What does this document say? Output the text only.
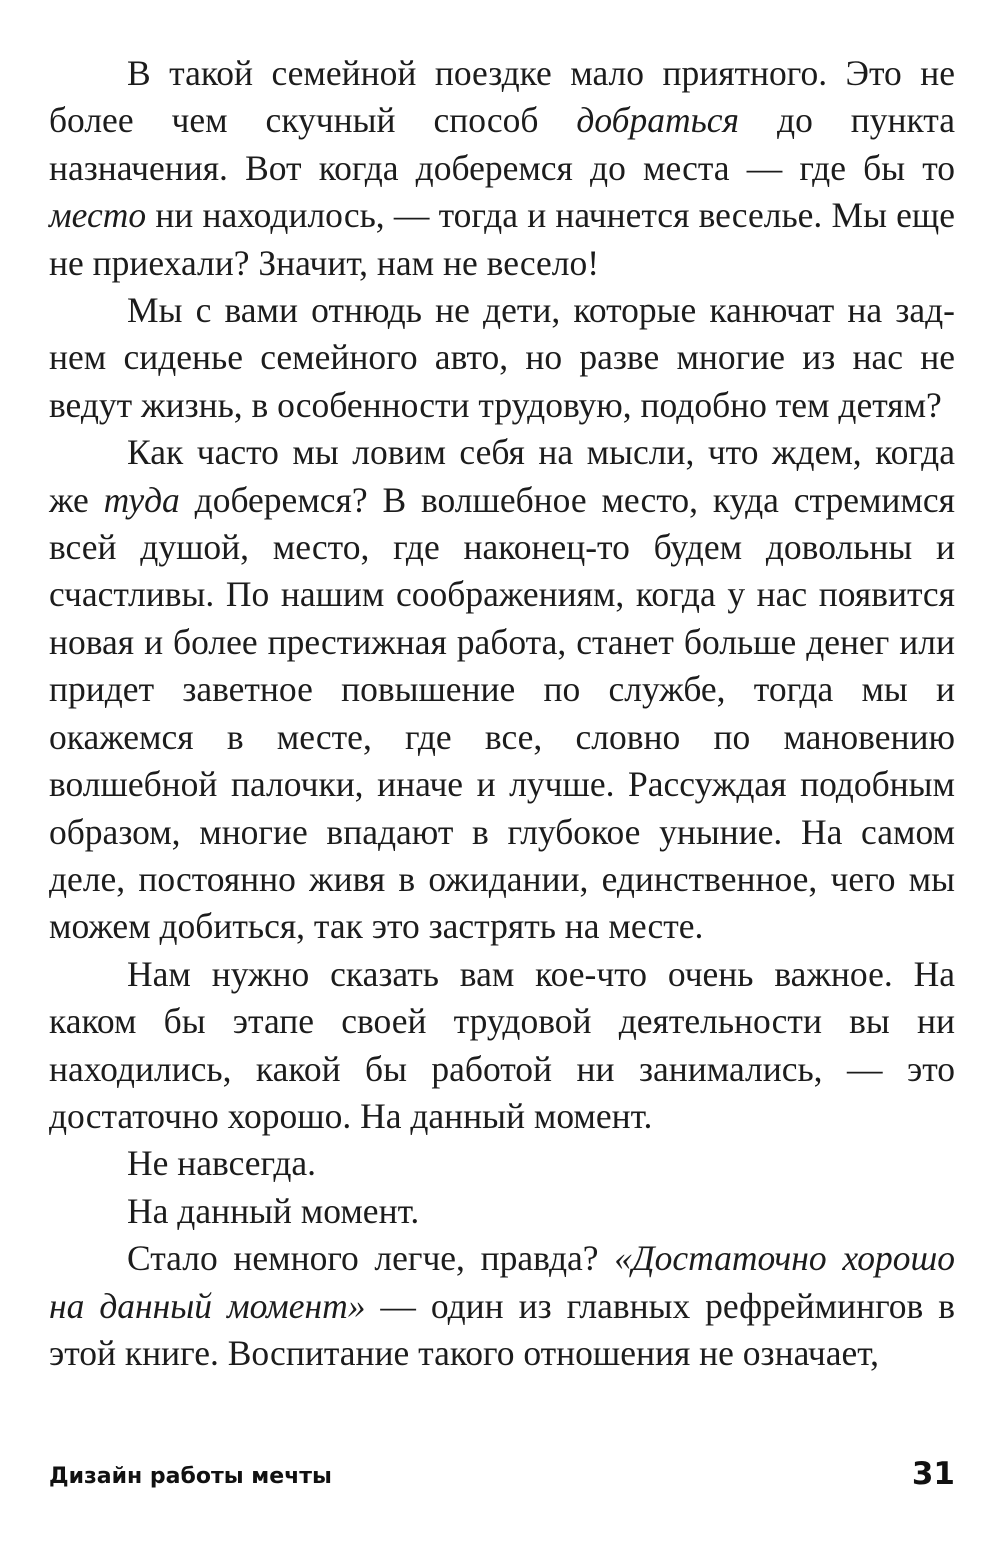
В такой семейной поездке мало приятного. Это не более чем скучный способ добраться до пункта назначения. Вот когда доберемся до места — где бы то место ни находилось, — тогда и начнется веселье. Мы еще не приехали? Значит, нам не весело!

Мы с вами отнюдь не дети, которые канючат на заднем сиденье семейного авто, но разве многие из нас не ведут жизнь, в особенности трудовую, подобно тем детям?

Как часто мы ловим себя на мысли, что ждем, когда же туда доберемся? В волшебное место, куда стремимся всей душой, место, где наконец-то будем довольны и счастливы. По нашим соображениям, когда у нас появится новая и более престижная работа, станет больше денег или придет заветное повышение по службе, тогда мы и окажемся в месте, где все, словно по мановению волшебной палочки, иначе и лучше. Рассуждая подобным образом, многие впадают в глубокое уныние. На самом деле, постоянно живя в ожидании, единственное, чего мы можем добиться, так это застрять на месте.

Нам нужно сказать вам кое-что очень важное. На каком бы этапе своей трудовой деятельности вы ни находились, какой бы работой ни занимались, — это достаточно хорошо. На данный момент.

Не навсегда.

На данный момент.

Стало немного легче, правда? «Достаточно хорошо на данный момент» — один из главных рефреймингов в этой книге. Воспитание такого отношения не означает,

Дизайн работы мечты	31
